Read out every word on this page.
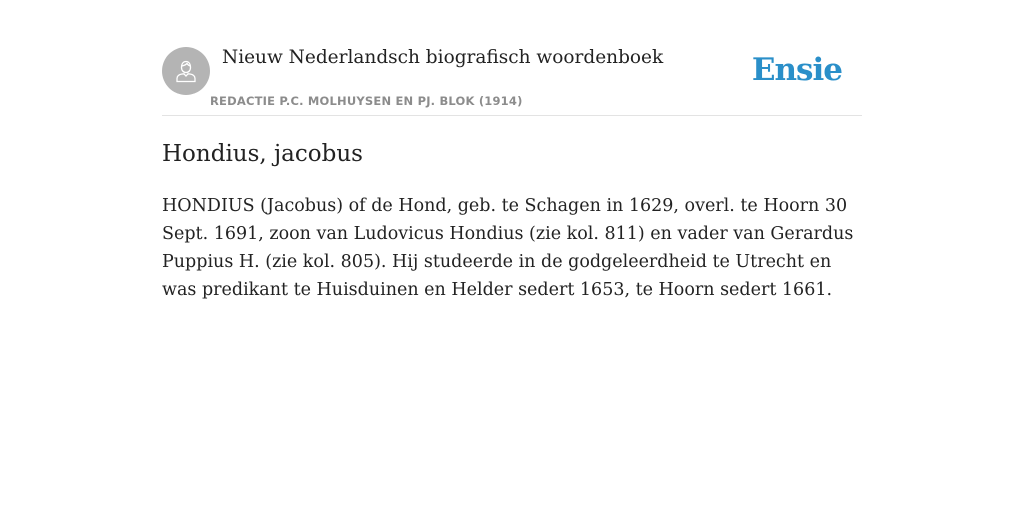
Nieuw Nederlandsch biografisch woordenboek
REDACTIE P.C. MOLHUYSEN EN PJ. BLOK (1914)
Ensie
Hondius, jacobus

HONDIUS (Jacobus) of de Hond, geb. te Schagen in 1629, overl. te Hoorn 30 Sept. 1691, zoon van Ludovicus Hondius (zie kol. 811) en vader van Gerardus Puppius H. (zie kol. 805). Hij studeerde in de godgeleerdheid te Utrecht en was predikant te Huisduinen en Helder sedert 1653, te Hoorn sedert 1661.
